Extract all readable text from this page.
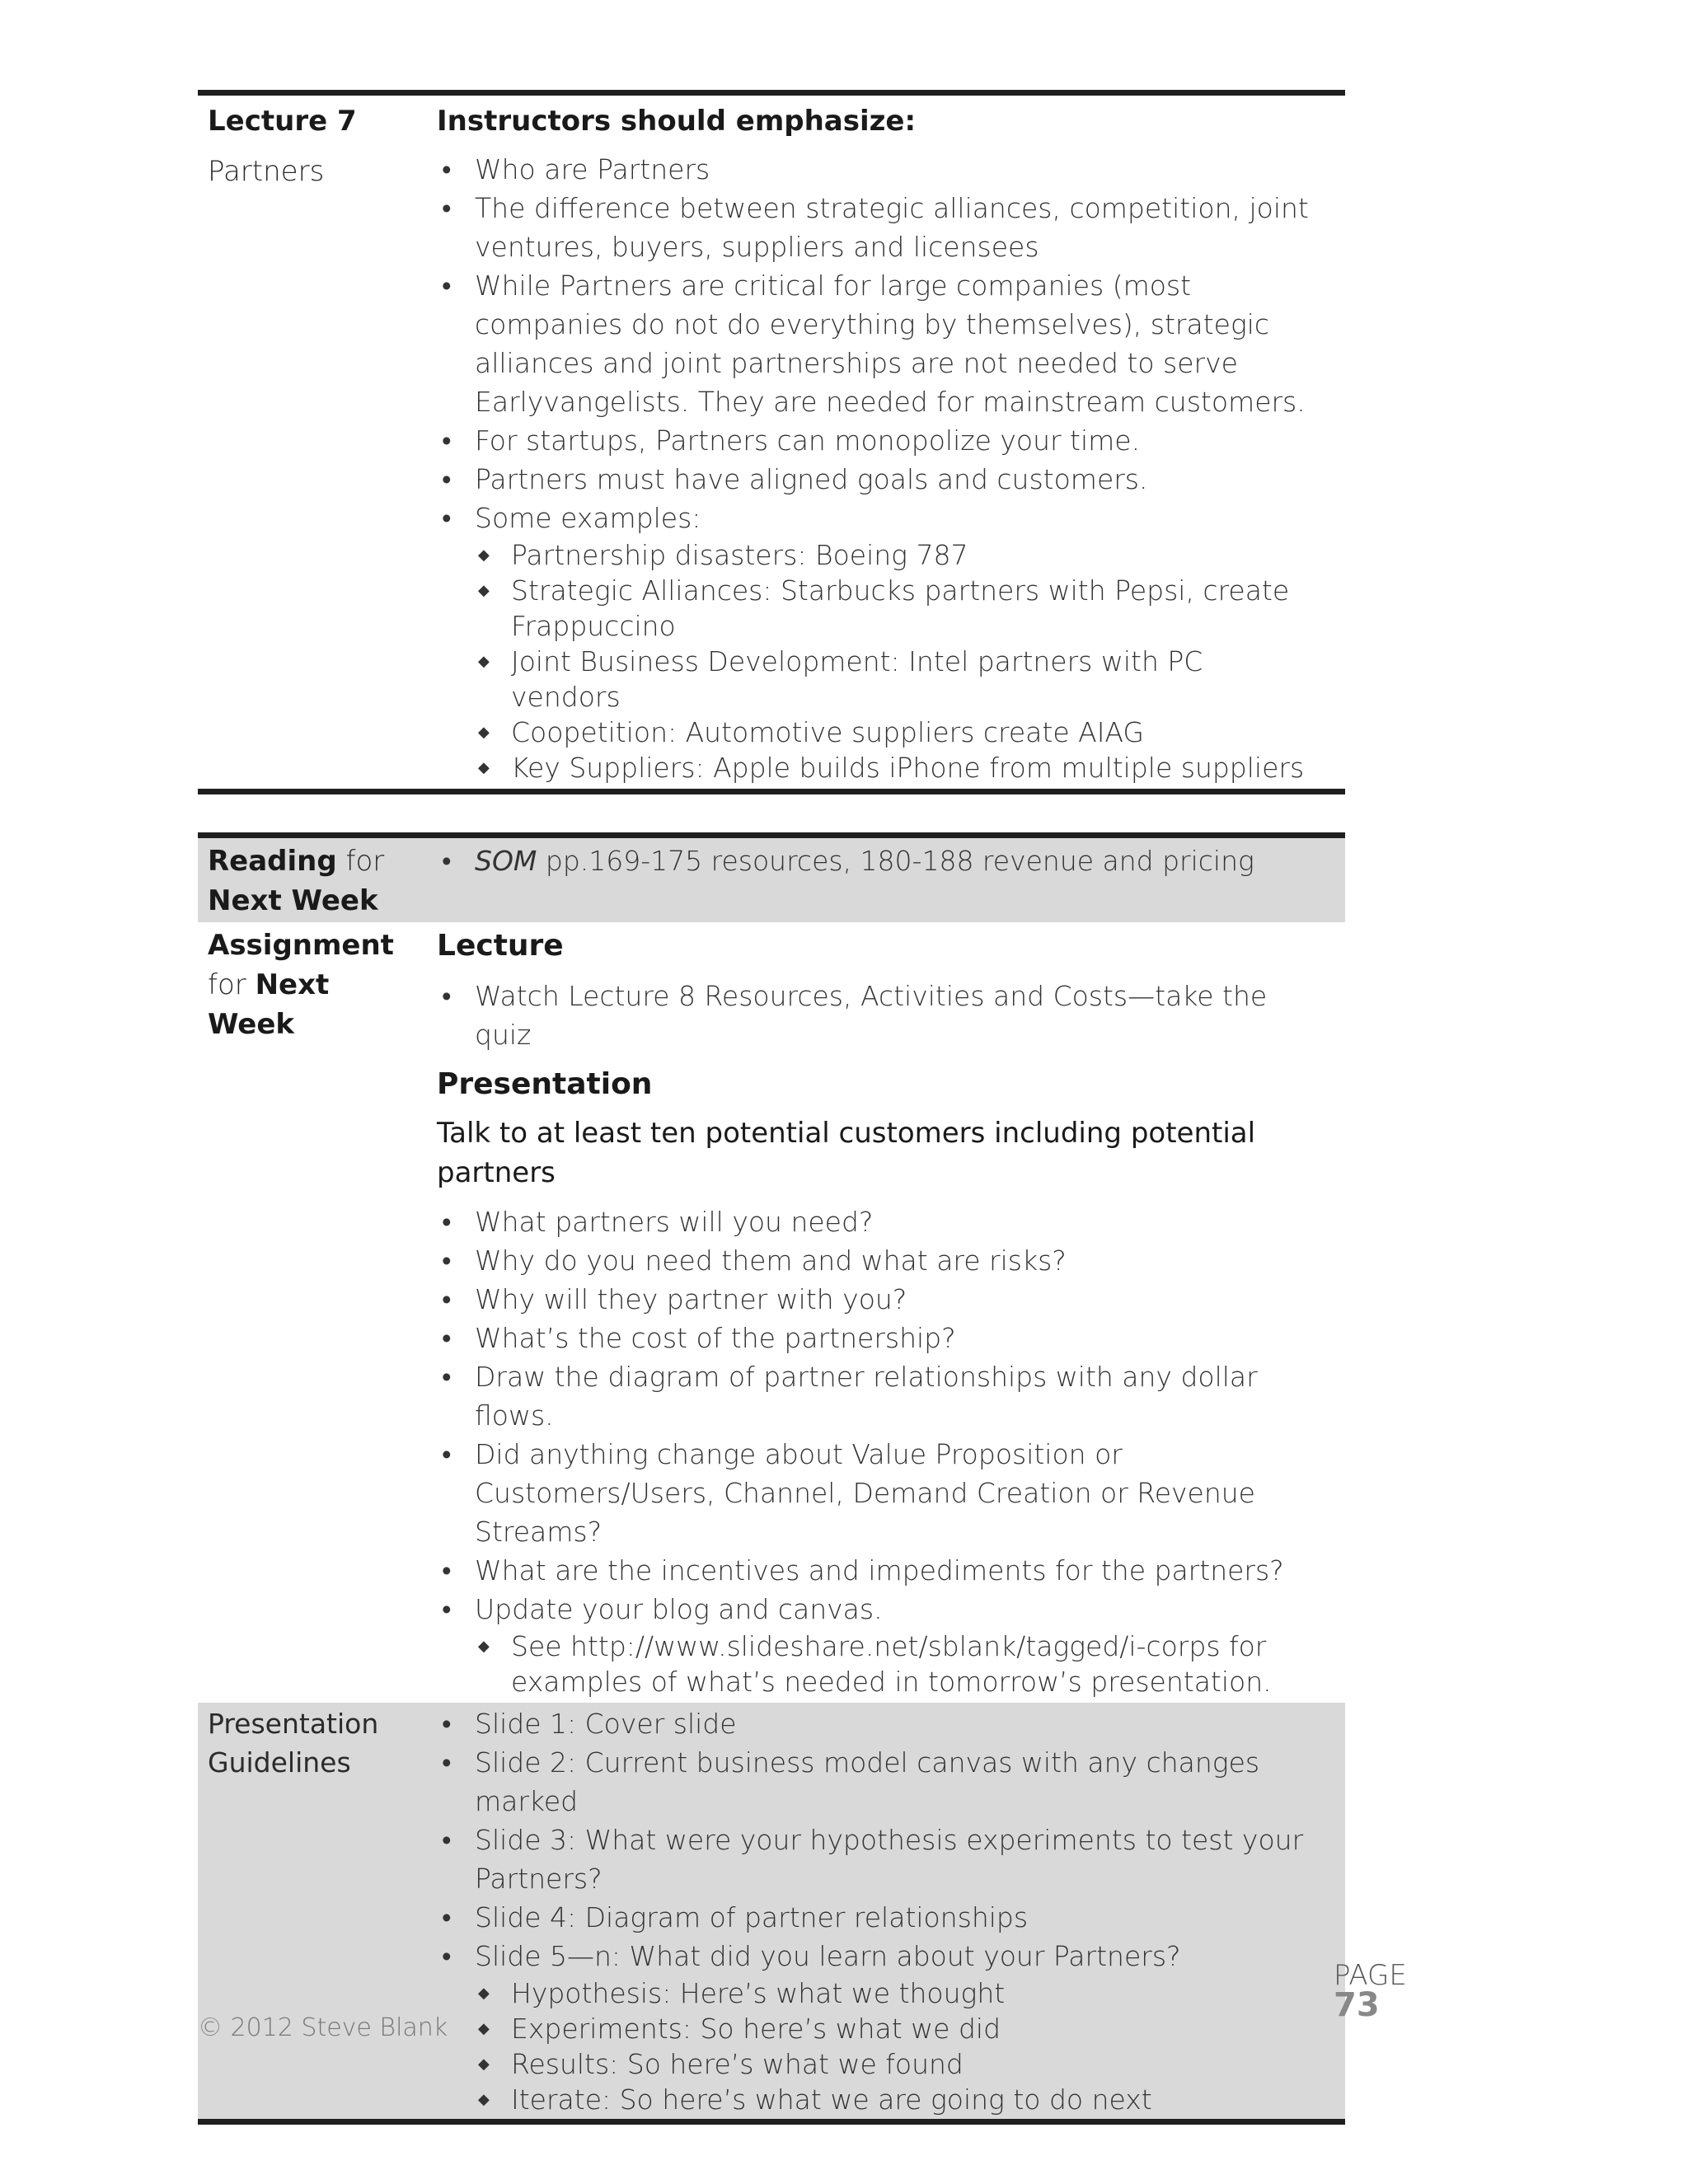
Lecture 7
Partners
Instructors should emphasize:
• Who are Partners
• The difference between strategic alliances, competition, joint ventures, buyers, suppliers and licensees
• While Partners are critical for large companies (most companies do not do everything by themselves), strategic alliances and joint partnerships are not needed to serve Earlyvangelists. They are needed for mainstream customers.
• For startups, Partners can monopolize your time.
• Partners must have aligned goals and customers.
• Some examples:
◆ Partnership disasters: Boeing 787
◆ Strategic Alliances: Starbucks partners with Pepsi, create Frappuccino
◆ Joint Business Development: Intel partners with PC vendors
◆ Coopetition: Automotive suppliers create AIAG
◆ Key Suppliers: Apple builds iPhone from multiple suppliers
Reading for
Next Week
• SOM pp.169-175 resources, 180-188 revenue and pricing
Assignment
for Next
Week
Lecture
• Watch Lecture 8 Resources, Activities and Costs—take the quiz
Presentation
Talk to at least ten potential customers including potential partners
• What partners will you need?
• Why do you need them and what are risks?
• Why will they partner with you?
• What’s the cost of the partnership?
• Draw the diagram of partner relationships with any dollar flows.
• Did anything change about Value Proposition or Customers/Users, Channel, Demand Creation or Revenue Streams?
• What are the incentives and impediments for the partners?
• Update your blog and canvas.
◆ See http://www.slideshare.net/sblank/tagged/i-corps for examples of what’s needed in tomorrow’s presentation.
Presentation
Guidelines
• Slide 1: Cover slide
• Slide 2: Current business model canvas with any changes marked
• Slide 3: What were your hypothesis experiments to test your Partners?
• Slide 4: Diagram of partner relationships
• Slide 5—n: What did you learn about your Partners?
◆ Hypothesis: Here’s what we thought
◆ Experiments: So here’s what we did
◆ Results: So here’s what we found
◆ Iterate: So here’s what we are going to do next
PAGE
73
© 2012 Steve Blank
